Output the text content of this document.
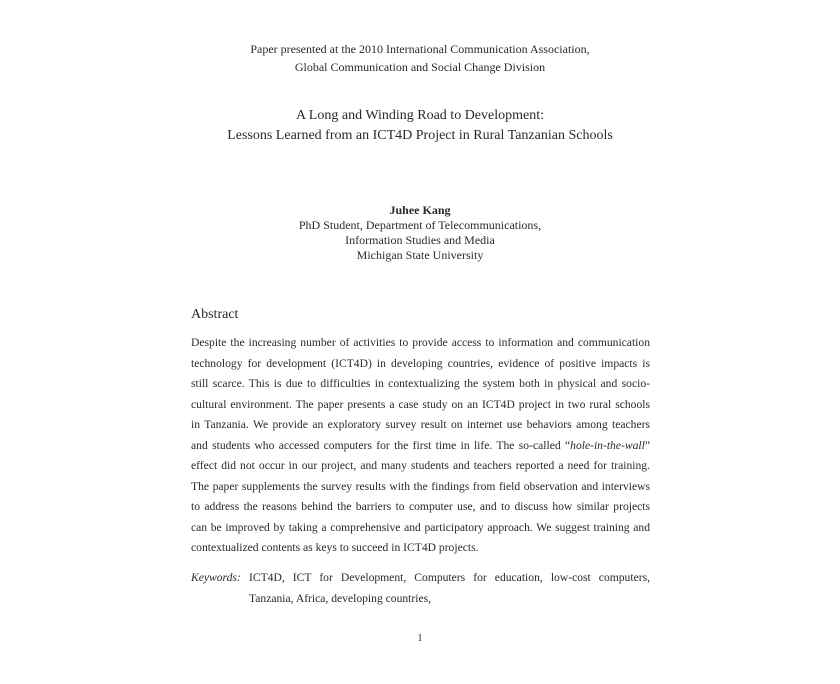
Paper presented at the 2010 International Communication Association,
Global Communication and Social Change Division
A Long and Winding Road to Development:
Lessons Learned from an ICT4D Project in Rural Tanzanian Schools
Juhee Kang
PhD Student, Department of Telecommunications,
Information Studies and Media
Michigan State University
Abstract
Despite the increasing number of activities to provide access to information and communication
technology for development (ICT4D) in developing countries, evidence of positive impacts is
still scarce. This is due to difficulties in contextualizing the system both in physical and socio-
cultural environment. The paper presents a case study on an ICT4D project in two rural schools
in Tanzania. We provide an exploratory survey result on internet use behaviors among teachers
and students who accessed computers for the first time in life. The so-called “hole-in-the-wall”
effect did not occur in our project, and many students and teachers reported a need for training.
The paper supplements the survey results with the findings from field observation and interviews
to address the reasons behind the barriers to computer use, and to discuss how similar projects
can be improved by taking a comprehensive and participatory approach. We suggest training and
contextualized contents as keys to succeed in ICT4D projects.
Keywords: ICT4D, ICT for Development, Computers for education, low-cost computers,
Tanzania, Africa, developing countries,
1
